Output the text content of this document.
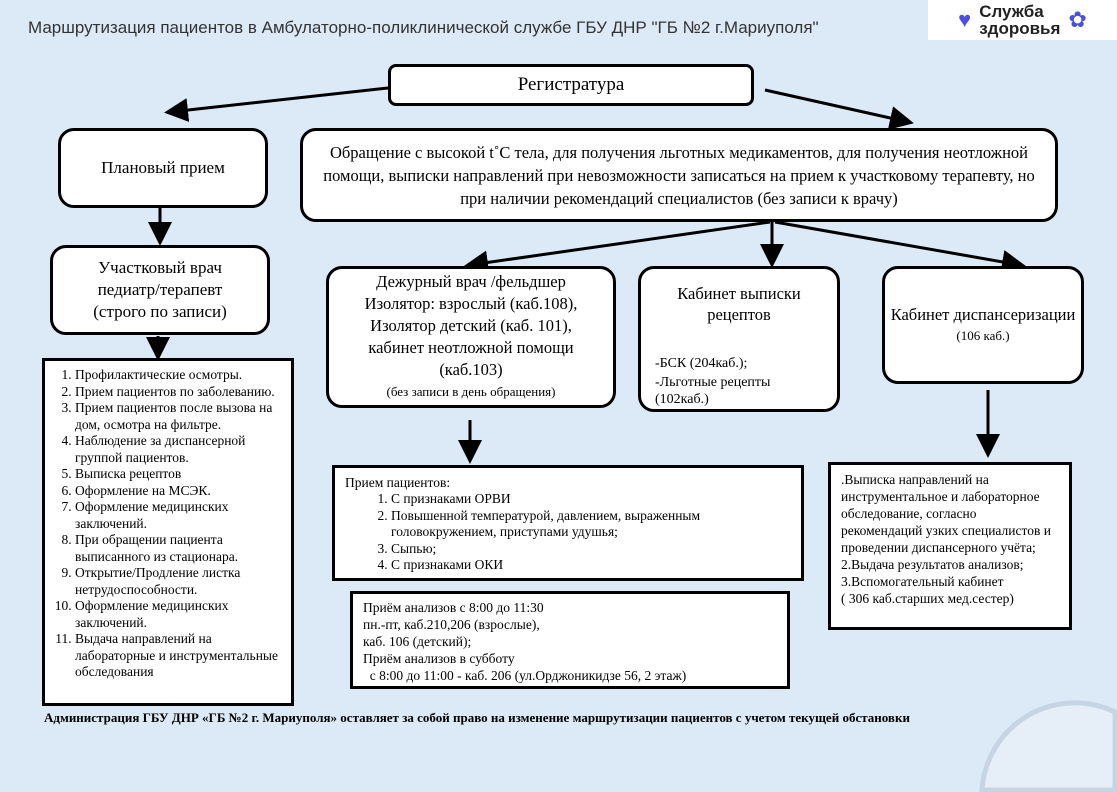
Маршрутизация пациентов в Амбулаторно-поликлинической службе ГБУ ДНР "ГБ №2 г.Мариуполя"	♥ Служба
здоровья ✿
Регистратура
Плановый прием
Обращение с высокой t˚С тела, для получения льготных медикаментов, для получения неотложной помощи, выписки направлений при невозможности записаться на прием к участковому терапевту, но при наличии рекомендаций специалистов (без записи к врачу)
Участковый врач
педиатр/терапевт
(строго по записи)
Дежурный врач /фельдшер
Изолятор: взрослый (каб.108),
Изолятор детский (каб. 101),
кабинет неотложной помощи
(каб.103)
(без записи в день обращения)
Кабинет выписки рецептов
-БСК (204каб.);
-Льготные рецепты (102каб.)
Кабинет диспансеризации
(106 каб.)
1. Профилактические осмотры.
2. Прием пациентов по заболеванию.
3. Прием пациентов после вызова на дом, осмотра на фильтре.
4. Наблюдение за диспансерной группой пациентов.
5. Выписка рецептов
6. Оформление на МСЭК.
7. Оформление медицинских заключений.
8. При обращении пациента выписанного из стационара.
9. Открытие/Продление листка нетрудоспособности.
10. Оформление медицинских заключений.
11. Выдача направлений на лабораторные и инструментальные обследования
Прием пациентов:
1. С признаками ОРВИ
2. Повышенной температурой, давлением, выраженным головокружением, приступами удушья;
3. Сыпью;
4. С признаками ОКИ
Приём анализов с 8:00 до 11:30
пн.-пт, каб.210,206 (взрослые),
каб. 106 (детский);
Приём анализов в субботу
с 8:00 до 11:00 - каб. 206 (ул.Орджоникидзе 56, 2 этаж)
.Выписка направлений на инструментальное и лабораторное обследование, согласно рекомендаций узких специалистов и проведении диспансерного учёта;
2.Выдача результатов анализов;
3.Вспомогательный кабинет
( 306 каб.старших мед.сестер)
Администрация ГБУ ДНР «ГБ №2 г. Мариуполя» оставляет за собой право на изменение маршрутизации пациентов с учетом текущей обстановки
